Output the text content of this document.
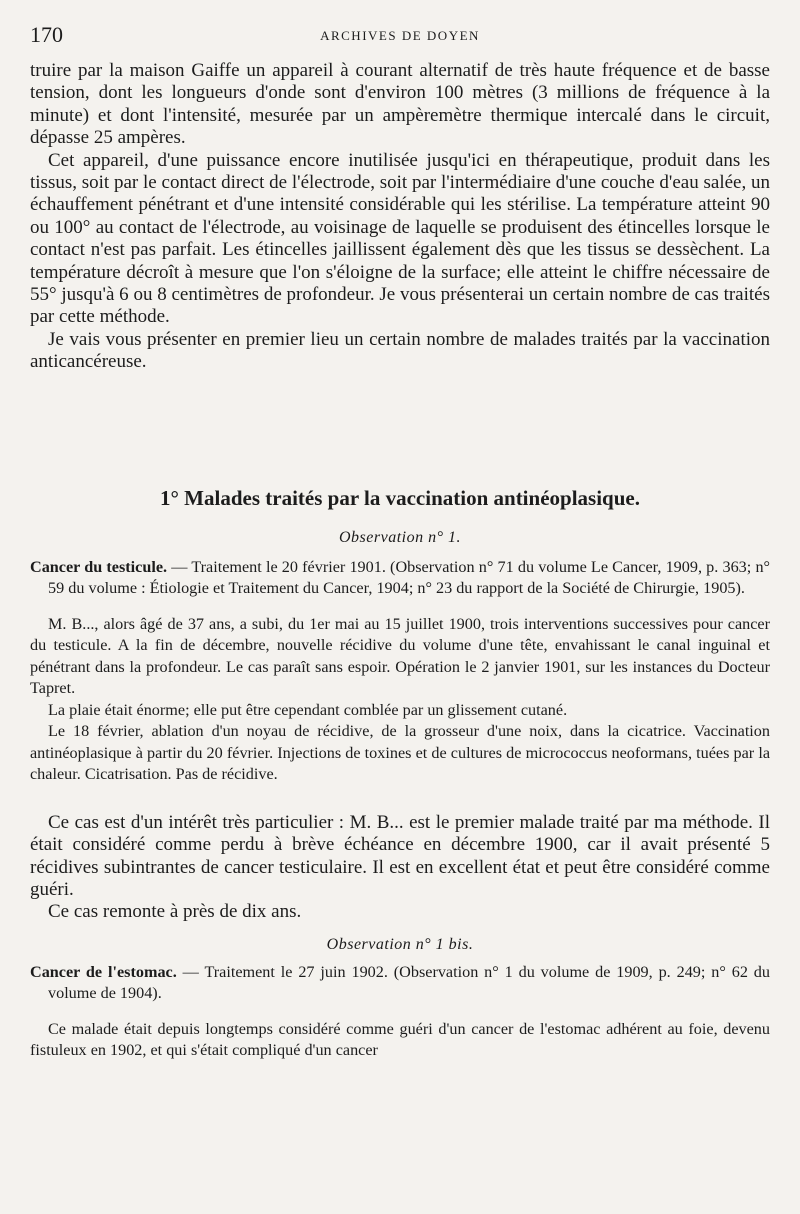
170	ARCHIVES DE DOYEN

truire par la maison Gaiffe un appareil à courant alternatif de très haute fréquence et de basse tension, dont les longueurs d'onde sont d'environ 100 mètres (3 millions de fréquence à la minute) et dont l'intensité, mesurée par un ampèremètre thermique intercalé dans le circuit, dépasse 25 ampères.

Cet appareil, d'une puissance encore inutilisée jusqu'ici en thérapeutique, produit dans les tissus, soit par le contact direct de l'électrode, soit par l'intermédiaire d'une couche d'eau salée, un échauffement pénétrant et d'une intensité considérable qui les stérilise. La température atteint 90 ou 100° au contact de l'électrode, au voisinage de laquelle se produisent des étincelles lorsque le contact n'est pas parfait. Les étincelles jaillissent également dès que les tissus se dessèchent. La température décroît à mesure que l'on s'éloigne de la surface; elle atteint le chiffre nécessaire de 55° jusqu'à 6 ou 8 centimètres de profondeur. Je vous présenterai un certain nombre de cas traités par cette méthode.

Je vais vous présenter en premier lieu un certain nombre de malades traités par la vaccination anticancéreuse.

1° Malades traités par la vaccination antinéoplasique.
Observation n° 1.

Cancer du testicule. — Traitement le 20 février 1901. (Observation n° 71 du volume Le Cancer, 1909, p. 363; n° 59 du volume : Étiologie et Traitement du Cancer, 1904; n° 23 du rapport de la Société de Chirurgie, 1905).

M. B..., alors âgé de 37 ans, a subi, du 1er mai au 15 juillet 1900, trois interventions successives pour cancer du testicule. A la fin de décembre, nouvelle récidive du volume d'une tête, envahissant le canal inguinal et pénétrant dans la profondeur. Le cas paraît sans espoir. Opération le 2 janvier 1901, sur les instances du Docteur Tapret.

La plaie était énorme; elle put être cependant comblée par un glissement cutané.

Le 18 février, ablation d'un noyau de récidive, de la grosseur d'une noix, dans la cicatrice. Vaccination antinéoplasique à partir du 20 février. Injections de toxines et de cultures de micrococcus neoformans, tuées par la chaleur. Cicatrisation. Pas de récidive.

Ce cas est d'un intérêt très particulier : M. B... est le premier malade traité par ma méthode. Il était considéré comme perdu à brève échéance en décembre 1900, car il avait présenté 5 récidives subintrantes de cancer testiculaire. Il est en excellent état et peut être considéré comme guéri.

Ce cas remonte à près de dix ans.

Observation n° 1 bis.

Cancer de l'estomac. — Traitement le 27 juin 1902. (Observation n° 1 du volume de 1909, p. 249; n° 62 du volume de 1904).

Ce malade était depuis longtemps considéré comme guéri d'un cancer de l'estomac adhérent au foie, devenu fistuleux en 1902, et qui s'était compliqué d'un cancer
